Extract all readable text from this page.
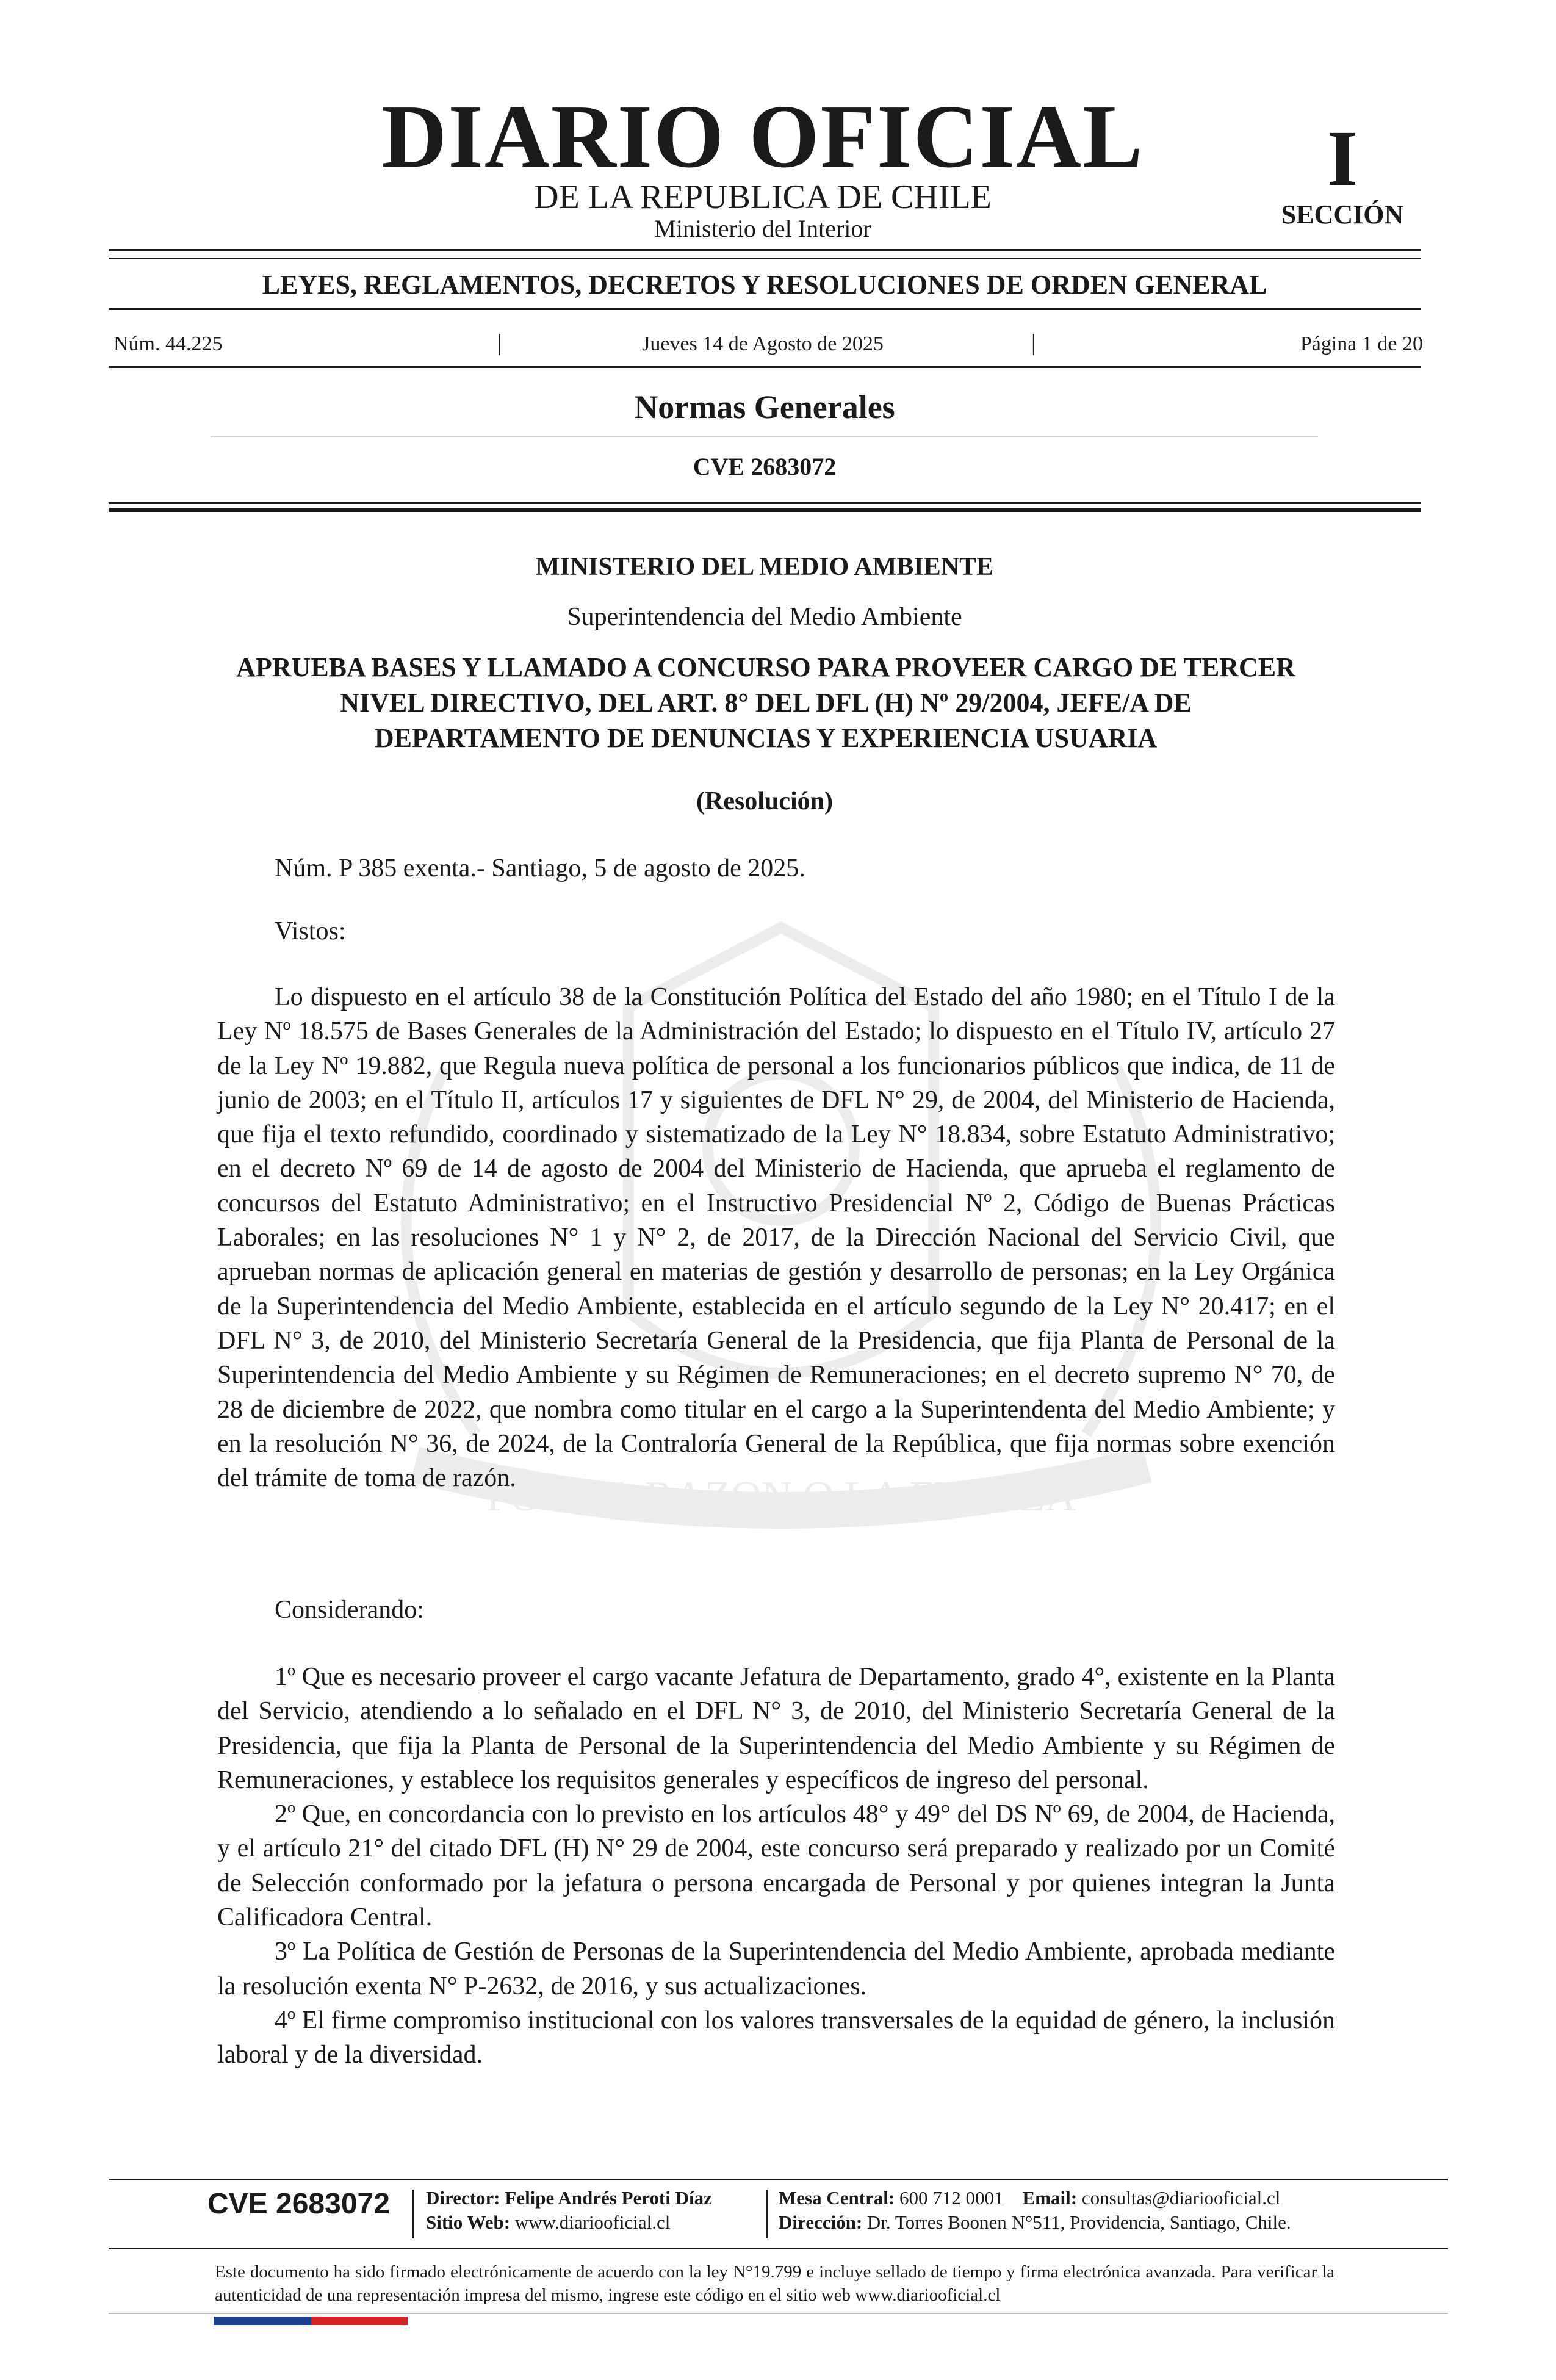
POR LA RAZON O LA FUERZA
DIARIO OFICIAL
DE LA REPUBLICA DE CHILE
Ministerio del Interior
I
SECCIÓN
LEYES, REGLAMENTOS, DECRETOS Y RESOLUCIONES DE ORDEN GENERAL
Núm. 44.225	|	Jueves 14 de Agosto de 2025	|	Página 1 de 20
Normas Generales
CVE 2683072
MINISTERIO DEL MEDIO AMBIENTE
Superintendencia del Medio Ambiente
APRUEBA BASES Y LLAMADO A CONCURSO PARA PROVEER CARGO DE TERCER NIVEL DIRECTIVO, DEL ART. 8° DEL DFL (H) Nº 29/2004, JEFE/A DE DEPARTAMENTO DE DENUNCIAS Y EXPERIENCIA USUARIA
(Resolución)
Núm. P 385 exenta.- Santiago, 5 de agosto de 2025.
Vistos:

Lo dispuesto en el artículo 38 de la Constitución Política del Estado del año 1980; en el Título I de la Ley Nº 18.575 de Bases Generales de la Administración del Estado; lo dispuesto en el Título IV, artículo 27 de la Ley Nº 19.882, que Regula nueva política de personal a los funcionarios públicos que indica, de 11 de junio de 2003; en el Título II, artículos 17 y siguientes de DFL N° 29, de 2004, del Ministerio de Hacienda, que fija el texto refundido, coordinado y sistematizado de la Ley N° 18.834, sobre Estatuto Administrativo; en el decreto Nº 69 de 14 de agosto de 2004 del Ministerio de Hacienda, que aprueba el reglamento de concursos del Estatuto Administrativo; en el Instructivo Presidencial Nº 2, Código de Buenas Prácticas Laborales; en las resoluciones N° 1 y N° 2, de 2017, de la Dirección Nacional del Servicio Civil, que aprueban normas de aplicación general en materias de gestión y desarrollo de personas; en la Ley Orgánica de la Superintendencia del Medio Ambiente, establecida en el artículo segundo de la Ley N° 20.417; en el DFL N° 3, de 2010, del Ministerio Secretaría General de la Presidencia, que fija Planta de Personal de la Superintendencia del Medio Ambiente y su Régimen de Remuneraciones; en el decreto supremo N° 70, de 28 de diciembre de 2022, que nombra como titular en el cargo a la Superintendenta del Medio Ambiente; y en la resolución N° 36, de 2024, de la Contraloría General de la República, que fija normas sobre exención del trámite de toma de razón.

Considerando:

1º Que es necesario proveer el cargo vacante Jefatura de Departamento, grado 4°, existente en la Planta del Servicio, atendiendo a lo señalado en el DFL N° 3, de 2010, del Ministerio Secretaría General de la Presidencia, que fija la Planta de Personal de la Superintendencia del Medio Ambiente y su Régimen de Remuneraciones, y establece los requisitos generales y específicos de ingreso del personal.

2º Que, en concordancia con lo previsto en los artículos 48° y 49° del DS Nº 69, de 2004, de Hacienda, y el artículo 21° del citado DFL (H) N° 29 de 2004, este concurso será preparado y realizado por un Comité de Selección conformado por la jefatura o persona encargada de Personal y por quienes integran la Junta Calificadora Central.

3º La Política de Gestión de Personas de la Superintendencia del Medio Ambiente, aprobada mediante la resolución exenta N° P-2632, de 2016, y sus actualizaciones.

4º El firme compromiso institucional con los valores transversales de la equidad de género, la inclusión laboral y de la diversidad.

CVE 2683072 Director: Felipe Andrés Peroti Díaz
Sitio Web: www.diariooficial.cl
Mesa Central: 600 712 0001 Email: consultas@diariooficial.cl
Dirección: Dr. Torres Boonen N°511, Providencia, Santiago, Chile.
Este documento ha sido firmado electrónicamente de acuerdo con la ley N°19.799 e incluye sellado de tiempo y firma electrónica avanzada. Para verificar la autenticidad de una representación impresa del mismo, ingrese este código en el sitio web www.diariooficial.cl
